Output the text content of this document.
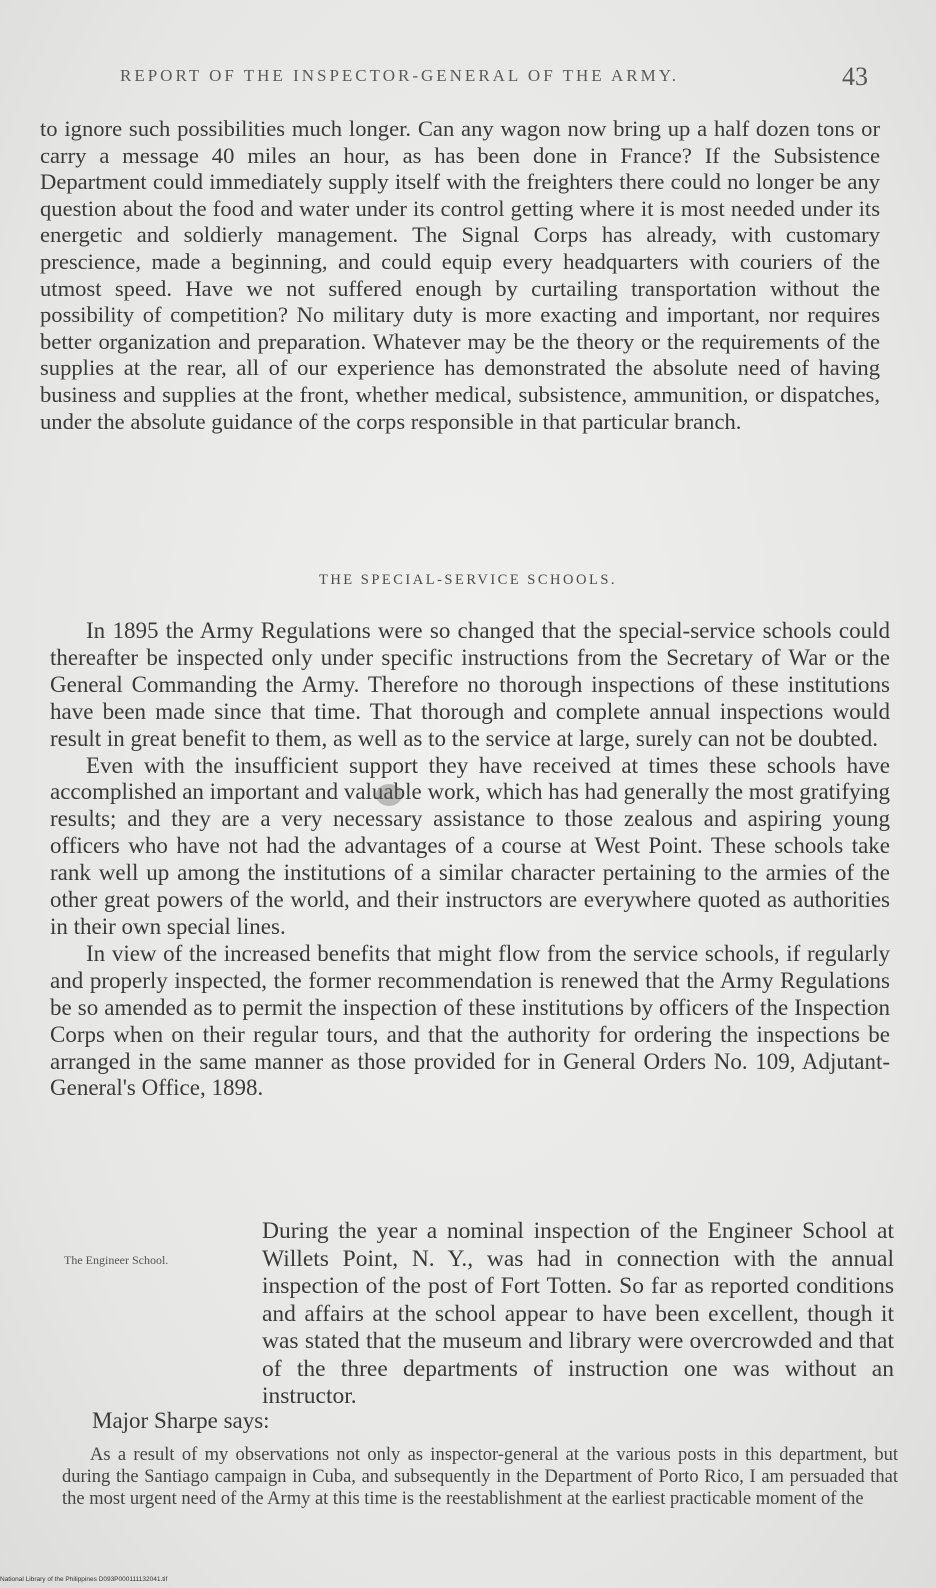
REPORT OF THE INSPECTOR-GENERAL OF THE ARMY.	43

to ignore such possibilities much longer. Can any wagon now bring up a half dozen tons or carry a message 40 miles an hour, as has been done in France? If the Subsistence Department could immediately supply itself with the freighters there could no longer be any question about the food and water under its control getting where it is most needed under its energetic and soldierly management. The Signal Corps has already, with customary prescience, made a beginning, and could equip every headquarters with couriers of the utmost speed. Have we not suffered enough by curtailing transportation without the possibility of competition? No military duty is more exacting and important, nor requires better organization and preparation. Whatever may be the theory or the requirements of the supplies at the rear, all of our experience has demonstrated the absolute need of having business and supplies at the front, whether medical, subsistence, ammunition, or dispatches, under the absolute guidance of the corps responsible in that particular branch.

THE SPECIAL-SERVICE SCHOOLS.

In 1895 the Army Regulations were so changed that the special-service schools could thereafter be inspected only under specific instructions from the Secretary of War or the General Commanding the Army. Therefore no thorough inspections of these institutions have been made since that time. That thorough and complete annual inspections would result in great benefit to them, as well as to the service at large, surely can not be doubted.

Even with the insufficient support they have received at times these schools have accomplished an important and valuable work, which has had generally the most gratifying results; and they are a very necessary assistance to those zealous and aspiring young officers who have not had the advantages of a course at West Point. These schools take rank well up among the institutions of a similar character pertaining to the armies of the other great powers of the world, and their instructors are everywhere quoted as authorities in their own special lines.

In view of the increased benefits that might flow from the service schools, if regularly and properly inspected, the former recommendation is renewed that the Army Regulations be so amended as to permit the inspection of these institutions by officers of the Inspection Corps when on their regular tours, and that the authority for ordering the inspections be arranged in the same manner as those provided for in General Orders No. 109, Adjutant-General's Office, 1898.

The Engineer School.

During the year a nominal inspection of the Engineer School at Willets Point, N. Y., was had in connection with the annual inspection of the post of Fort Totten. So far as reported conditions and affairs at the school appear to have been excellent, though it was stated that the museum and library were overcrowded and that of the three departments of instruction one was without an instructor.

Major Sharpe says:

As a result of my observations not only as inspector-general at the various posts in this department, but during the Santiago campaign in Cuba, and subsequently in the Department of Porto Rico, I am persuaded that the most urgent need of the Army at this time is the reestablishment at the earliest practicable moment of the

National Library of the Philippines D093P000111132041.tif
